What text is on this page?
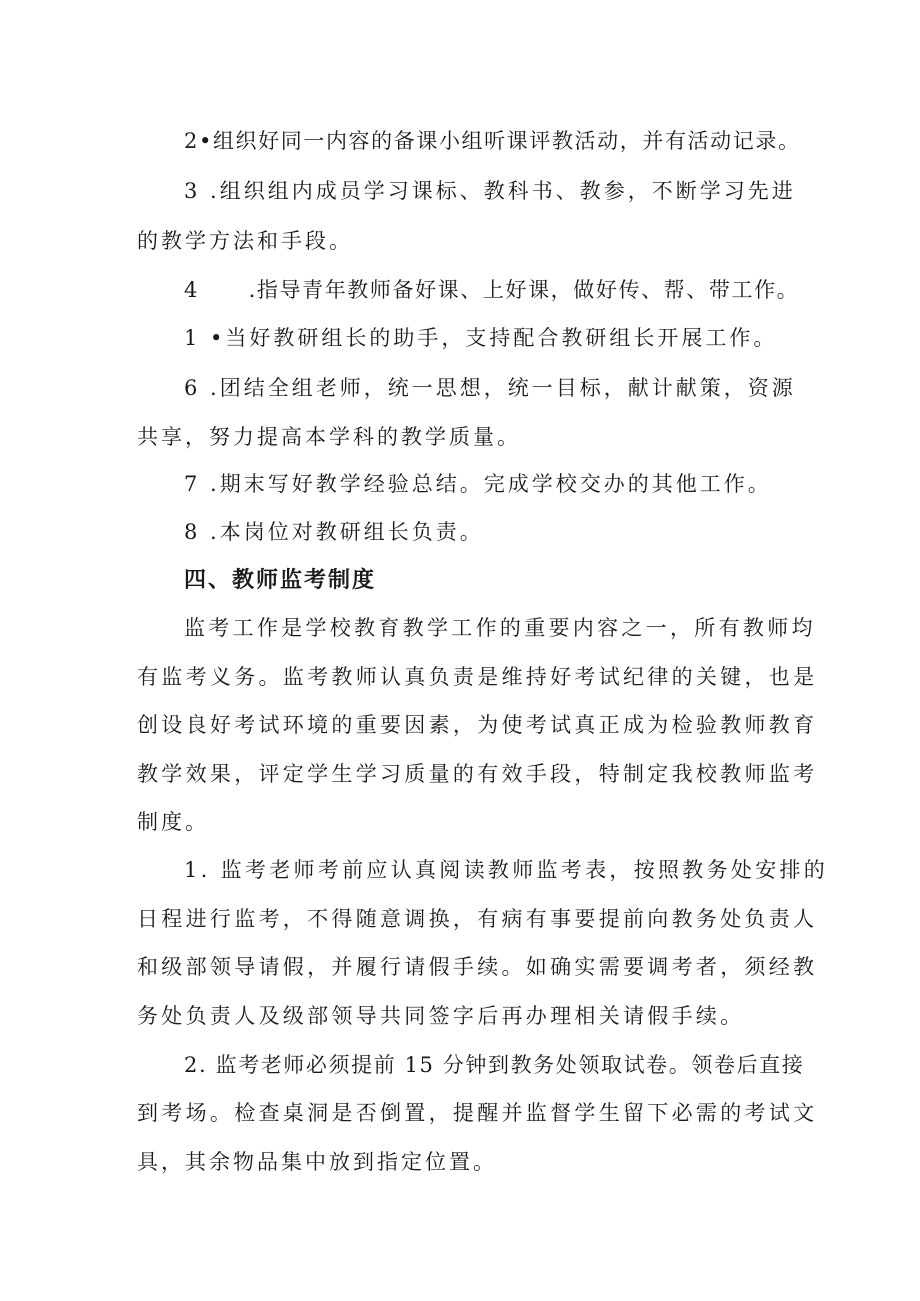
2•组织好同一内容的备课小组听课评教活动，并有活动记录。
3 .组织组内成员学习课标、教科书、教参，不断学习先进
的教学方法和手段。
4      .指导青年教师备好课、上好课，做好传、帮、带工作。
1 •当好教研组长的助手，支持配合教研组长开展工作。
6 .团结全组老师，统一思想，统一目标，献计献策，资源
共享，努力提高本学科的教学质量。
7 .期末写好教学经验总结。完成学校交办的其他工作。
8 .本岗位对教研组长负责。
四、教师监考制度
监考工作是学校教育教学工作的重要内容之一，所有教师均
有监考义务。监考教师认真负责是维持好考试纪律的关键，也是
创设良好考试环境的重要因素，为使考试真正成为检验教师教育
教学效果，评定学生学习质量的有效手段，特制定我校教师监考
制度。
1. 监考老师考前应认真阅读教师监考表，按照教务处安排的
日程进行监考，不得随意调换，有病有事要提前向教务处负责人
和级部领导请假，并履行请假手续。如确实需要调考者，须经教
务处负责人及级部领导共同签字后再办理相关请假手续。
2. 监考老师必须提前 15 分钟到教务处领取试卷。领卷后直接
到考场。检查桌洞是否倒置，提醒并监督学生留下必需的考试文
具，其余物品集中放到指定位置。
